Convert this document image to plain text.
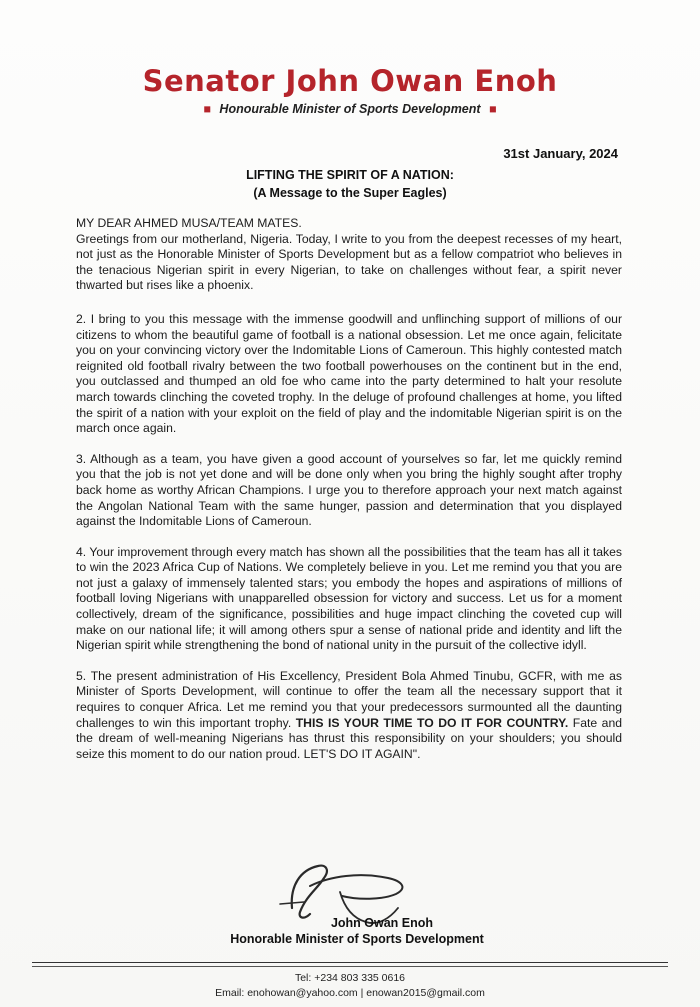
Senator John Owan Enoh
■ Honourable Minister of Sports Development ■
31st January, 2024
LIFTING THE SPIRIT OF A NATION:
(A Message to the Super Eagles)

MY DEAR AHMED MUSA/TEAM MATES.
Greetings from our motherland, Nigeria. Today, I write to you from the deepest recesses of my heart, not just as the Honorable Minister of Sports Development but as a fellow compatriot who believes in the tenacious Nigerian spirit in every Nigerian, to take on challenges without fear, a spirit never thwarted but rises like a phoenix.

2. I bring to you this message with the immense goodwill and unflinching support of millions of our citizens to whom the beautiful game of football is a national obsession. Let me once again, felicitate you on your convincing victory over the Indomitable Lions of Cameroun. This highly contested match reignited old football rivalry between the two football powerhouses on the continent but in the end, you outclassed and thumped an old foe who came into the party determined to halt your resolute march towards clinching the coveted trophy. In the deluge of profound challenges at home, you lifted the spirit of a nation with your exploit on the field of play and the indomitable Nigerian spirit is on the march once again.

3. Although as a team, you have given a good account of yourselves so far, let me quickly remind you that the job is not yet done and will be done only when you bring the highly sought after trophy back home as worthy African Champions. I urge you to therefore approach your next match against the Angolan National Team with the same hunger, passion and determination that you displayed against the Indomitable Lions of Cameroun.

4. Your improvement through every match has shown all the possibilities that the team has all it takes to win the 2023 Africa Cup of Nations. We completely believe in you. Let me remind you that you are not just a galaxy of immensely talented stars; you embody the hopes and aspirations of millions of football loving Nigerians with unapparelled obsession for victory and success. Let us for a moment collectively, dream of the significance, possibilities and huge impact clinching the coveted cup will make on our national life; it will among others spur a sense of national pride and identity and lift the Nigerian spirit while strengthening the bond of national unity in the pursuit of the collective idyll.

5. The present administration of His Excellency, President Bola Ahmed Tinubu, GCFR, with me as Minister of Sports Development, will continue to offer the team all the necessary support that it requires to conquer Africa. Let me remind you that your predecessors surmounted all the daunting challenges to win this important trophy. THIS IS YOUR TIME TO DO IT FOR COUNTRY. Fate and the dream of well-meaning Nigerians has thrust this responsibility on your shoulders; you should seize this moment to do our nation proud. LET'S DO IT AGAIN".

John Owan Enoh
Honorable Minister of Sports Development
Tel: +234 803 335 0616
Email: enohowan@yahoo.com | enowan2015@gmail.com
